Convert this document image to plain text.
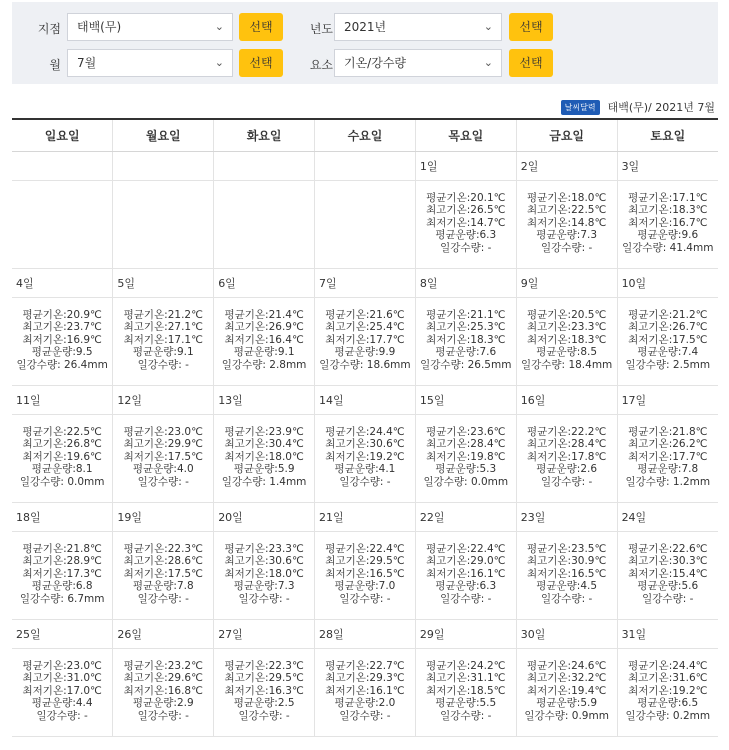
지점	태백(무)	⌄	선택	년도 2021년	⌄	선택
월	7월	⌄	선택	요소 기온/강수량	⌄	선택
날씨달력	태백(무)/ 2021년 7월
일요일	월요일	화요일	수요일	목요일	금요일	토요일
				1일	2일	3일

				평균기온:20.1℃
최고기온:26.5℃
최저기온:14.7℃
평균운량:6.3
일강수량: -	평균기온:18.0℃
최고기온:22.5℃
최저기온:14.8℃
평균운량:7.3
일강수량: -	평균기온:17.1℃
최고기온:18.3℃
최저기온:16.7℃
평균운량:9.6
일강수량: 41.4mm

4일	5일	6일	7일	8일	9일	10일

평균기온:20.9℃
최고기온:23.7℃
최저기온:16.9℃
평균운량:9.5
일강수량: 26.4mm	평균기온:21.2℃
최고기온:27.1℃
최저기온:17.1℃
평균운량:9.1
일강수량: -	평균기온:21.4℃
최고기온:26.9℃
최저기온:16.4℃
평균운량:9.1
일강수량: 2.8mm	평균기온:21.6℃
최고기온:25.4℃
최저기온:17.7℃
평균운량:9.9
일강수량: 18.6mm	평균기온:21.1℃
최고기온:25.3℃
최저기온:18.3℃
평균운량:7.6
일강수량: 26.5mm	평균기온:20.5℃
최고기온:23.3℃
최저기온:18.3℃
평균운량:8.5
일강수량: 18.4mm	평균기온:21.2℃
최고기온:26.7℃
최저기온:17.5℃
평균운량:7.4
일강수량: 2.5mm

11일	12일	13일	14일	15일	16일	17일

평균기온:22.5℃
최고기온:26.8℃
최저기온:19.6℃
평균운량:8.1
일강수량: 0.0mm	평균기온:23.0℃
최고기온:29.9℃
최저기온:17.5℃
평균운량:4.0
일강수량: -	평균기온:23.9℃
최고기온:30.4℃
최저기온:18.0℃
평균운량:5.9
일강수량: 1.4mm	평균기온:24.4℃
최고기온:30.6℃
최저기온:19.2℃
평균운량:4.1
일강수량: -	평균기온:23.6℃
최고기온:28.4℃
최저기온:19.8℃
평균운량:5.3
일강수량: 0.0mm	평균기온:22.2℃
최고기온:28.4℃
최저기온:17.8℃
평균운량:2.6
일강수량: -	평균기온:21.8℃
최고기온:26.2℃
최저기온:17.7℃
평균운량:7.8
일강수량: 1.2mm

18일	19일	20일	21일	22일	23일	24일

평균기온:21.8℃
최고기온:28.9℃
최저기온:17.3℃
평균운량:6.8
일강수량: 6.7mm	평균기온:22.3℃
최고기온:28.6℃
최저기온:17.5℃
평균운량:7.8
일강수량: -	평균기온:23.3℃
최고기온:30.6℃
최저기온:18.0℃
평균운량:7.3
일강수량: -	평균기온:22.4℃
최고기온:29.5℃
최저기온:16.5℃
평균운량:7.0
일강수량: -	평균기온:22.4℃
최고기온:29.0℃
최저기온:16.1℃
평균운량:6.3
일강수량: -	평균기온:23.5℃
최고기온:30.9℃
최저기온:16.5℃
평균운량:4.5
일강수량: -	평균기온:22.6℃
최고기온:30.3℃
최저기온:15.4℃
평균운량:5.6
일강수량: -

25일	26일	27일	28일	29일	30일	31일

평균기온:23.0℃
최고기온:31.0℃
최저기온:17.0℃
평균운량:4.4
일강수량: -	평균기온:23.2℃
최고기온:29.6℃
최저기온:16.8℃
평균운량:2.9
일강수량: -	평균기온:22.3℃
최고기온:29.5℃
최저기온:16.3℃
평균운량:2.5
일강수량: -	평균기온:22.7℃
최고기온:29.3℃
최저기온:16.1℃
평균운량:2.0
일강수량: -	평균기온:24.2℃
최고기온:31.1℃
최저기온:18.5℃
평균운량:5.5
일강수량: -	평균기온:24.6℃
최고기온:32.2℃
최저기온:19.4℃
평균운량:5.9
일강수량: 0.9mm	평균기온:24.4℃
최고기온:31.6℃
최저기온:19.2℃
평균운량:6.5
일강수량: 0.2mm
